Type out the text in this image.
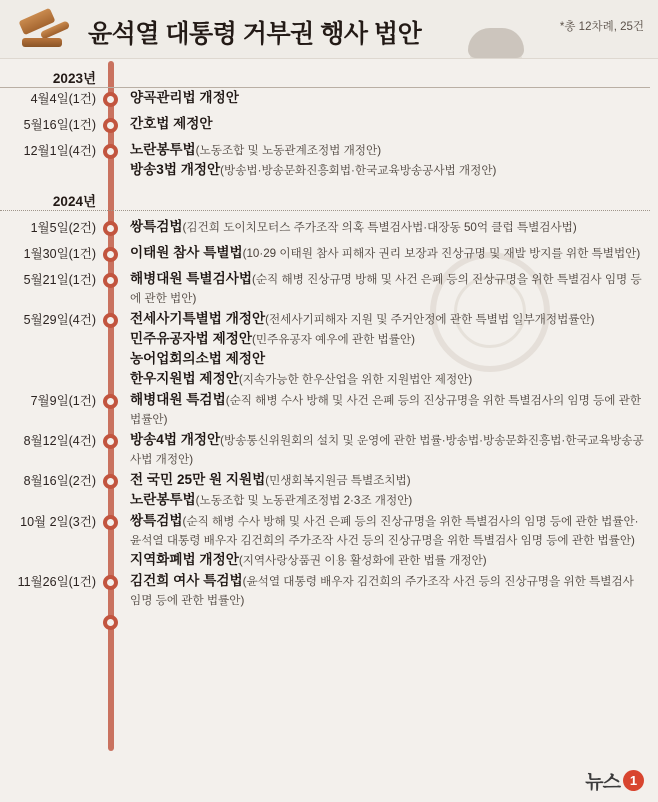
윤석열 대통령 거부권 행사 법안	*총 12차례, 25건
2023년
4월4일(1건)	양곡관리법 개정안
5월16일(1건)	간호법 제정안
12월1일(4건)	노란봉투법(노동조합 및 노동관계조정법 개정안)
방송3법 개정안(방송법·방송문화진흥회법·한국교육방송공사법 개정안)
2024년
1월5일(2건)	쌍특검법(김건희 도이치모터스 주가조작 의혹 특별검사법·대장동 50억 클럽 특별검사법)
1월30일(1건)	이태원 참사 특별법(10·29 이태원 참사 피해자 권리 보장과 진상규명 및 재발 방지를 위한 특별법안)
5월21일(1건)	해병대원 특별검사법(순직 해병 진상규명 방해 및 사건 은폐 등의 진상규명을 위한 특별검사 임명 등에 관한 법안)
5월29일(4건)	전세사기특별법 개정안(전세사기피해자 지원 및 주거안정에 관한 특별법 일부개정법률안)
민주유공자법 제정안(민주유공자 예우에 관한 법률안)
농어업회의소법 제정안
한우지원법 제정안(지속가능한 한우산업을 위한 지원법안 제정안)
7월9일(1건)	해병대원 특검법(순직 해병 수사 방해 및 사건 은폐 등의 진상규명을 위한 특별검사의 임명 등에 관한 법률안)
8월12일(4건)	방송4법 개정안(방송통신위원회의 설치 및 운영에 관한 법률·방송법·방송문화진흥법·한국교육방송공사법 개정안)
8월16일(2건)	전 국민 25만 원 지원법(민생회복지원금 특별조치법)
노란봉투법(노동조합 및 노동관계조정법 2·3조 개정안)
10월 2일(3건)	쌍특검법(순직 해병 수사 방해 및 사건 은폐 등의 진상규명을 위한 특별검사의 임명 등에 관한 법률안·윤석열 대통령 배우자 김건희의 주가조작 사건 등의 진상규명을 위한 특별검사 임명 등에 관한 법률안)
지역화폐법 개정안(지역사랑상품권 이용 활성화에 관한 법률 개정안)
11월26일(1건)	김건희 여사 특검법(윤석열 대통령 배우자 김건희의 주가조작 사건 등의 진상규명을 위한 특별검사 임명 등에 관한 법률안)
뉴스 1
